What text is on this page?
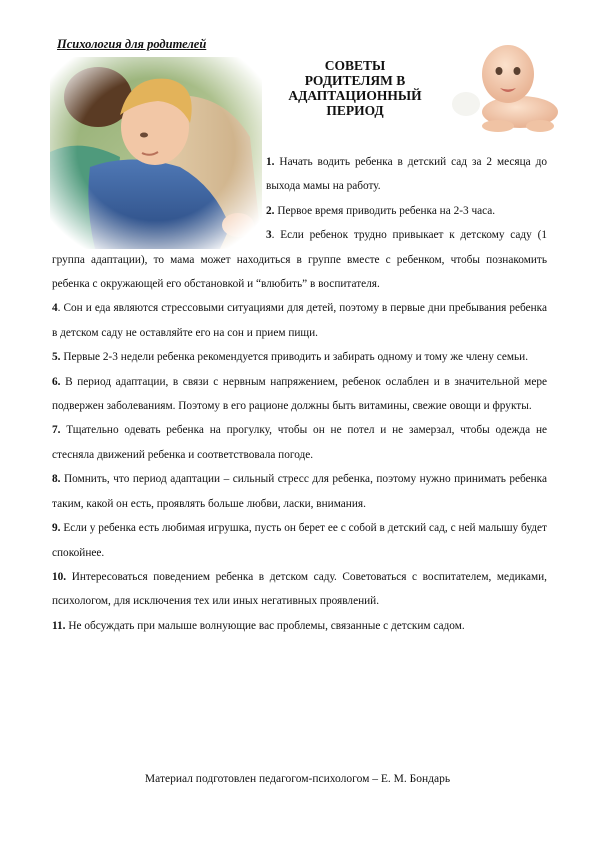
Психология для родителей
СОВЕТЫ
РОДИТЕЛЯМ В
АДАПТАЦИОННЫЙ
ПЕРИОД

1. Начать водить ребенка в детский сад за 2 месяца до выхода мамы на работу.

2. Первое время приводить ребенка на 2-3 часа.

3. Если ребенок трудно привыкает к детскому саду (1 группа адаптации), то мама может находиться в группе вместе с ребенком, чтобы познакомить ребенка с окружающей его обстановкой и “влюбить” в воспитателя.

4. Сон и еда являются стрессовыми ситуациями для детей, поэтому в первые дни пребывания ребенка в детском саду не оставляйте его на сон и прием пищи.

5. Первые 2-3 недели ребенка рекомендуется приводить и забирать одному и тому же члену семьи.

6. В период адаптации, в связи с нервным напряжением, ребенок ослаблен и в значительной мере подвержен заболеваниям. Поэтому в его рационе должны быть витамины, свежие овощи и фрукты.

7. Тщательно одевать ребенка на прогулку, чтобы он не потел и не замерзал, чтобы одежда не стесняла движений ребенка и соответствовала погоде.

8. Помнить, что период адаптации – сильный стресс для ребенка, поэтому нужно принимать ребенка таким, какой он есть, проявлять больше любви, ласки, внимания.

9. Если у ребенка есть любимая игрушка, пусть он берет ее с собой в детский сад, с ней малышу будет спокойнее.

10. Интересоваться поведением ребенка в детском саду. Советоваться с воспитателем, медиками, психологом, для исключения тех или иных негативных проявлений.

11. Не обсуждать при малыше волнующие вас проблемы, связанные с детским садом.

Материал подготовлен педагогом-психологом – Е. М. Бондарь
